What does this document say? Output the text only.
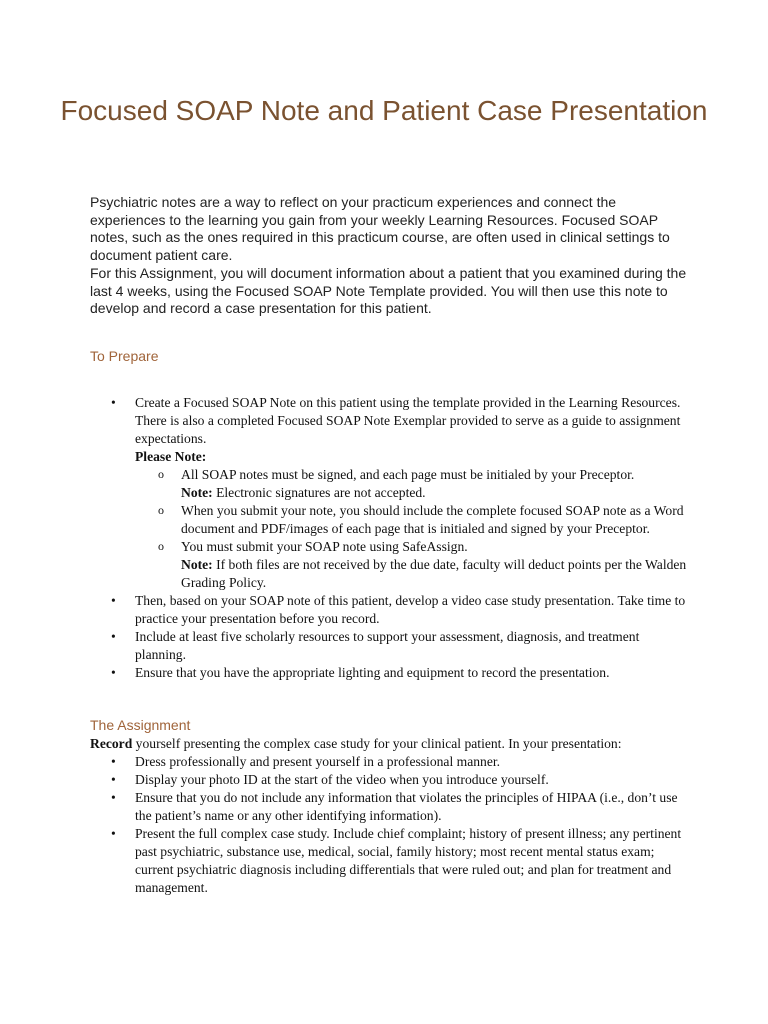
Focused SOAP Note and Patient Case Presentation

Psychiatric notes are a way to reflect on your practicum experiences and connect the experiences to the learning you gain from your weekly Learning Resources. Focused SOAP notes, such as the ones required in this practicum course, are often used in clinical settings to document patient care.

For this Assignment, you will document information about a patient that you examined during the last 4 weeks, using the Focused SOAP Note Template provided. You will then use this note to develop and record a case presentation for this patient.

To Prepare
• Create a Focused SOAP Note on this patient using the template provided in the Learning Resources. There is also a completed Focused SOAP Note Exemplar provided to serve as a guide to assignment expectations.
Please Note:
o All SOAP notes must be signed, and each page must be initialed by your Preceptor.
Note: Electronic signatures are not accepted.
o When you submit your note, you should include the complete focused SOAP note as a Word document and PDF/images of each page that is initialed and signed by your Preceptor.
o You must submit your SOAP note using SafeAssign.
Note: If both files are not received by the due date, faculty will deduct points per the Walden Grading Policy.
• Then, based on your SOAP note of this patient, develop a video case study presentation. Take time to practice your presentation before you record.
• Include at least five scholarly resources to support your assessment, diagnosis, and treatment planning.
• Ensure that you have the appropriate lighting and equipment to record the presentation.
The Assignment
Record yourself presenting the complex case study for your clinical patient. In your presentation:
• Dress professionally and present yourself in a professional manner.
• Display your photo ID at the start of the video when you introduce yourself.
• Ensure that you do not include any information that violates the principles of HIPAA (i.e., don’t use the patient’s name or any other identifying information).
• Present the full complex case study. Include chief complaint; history of present illness; any pertinent past psychiatric, substance use, medical, social, family history; most recent mental status exam; current psychiatric diagnosis including differentials that were ruled out; and plan for treatment and management.
